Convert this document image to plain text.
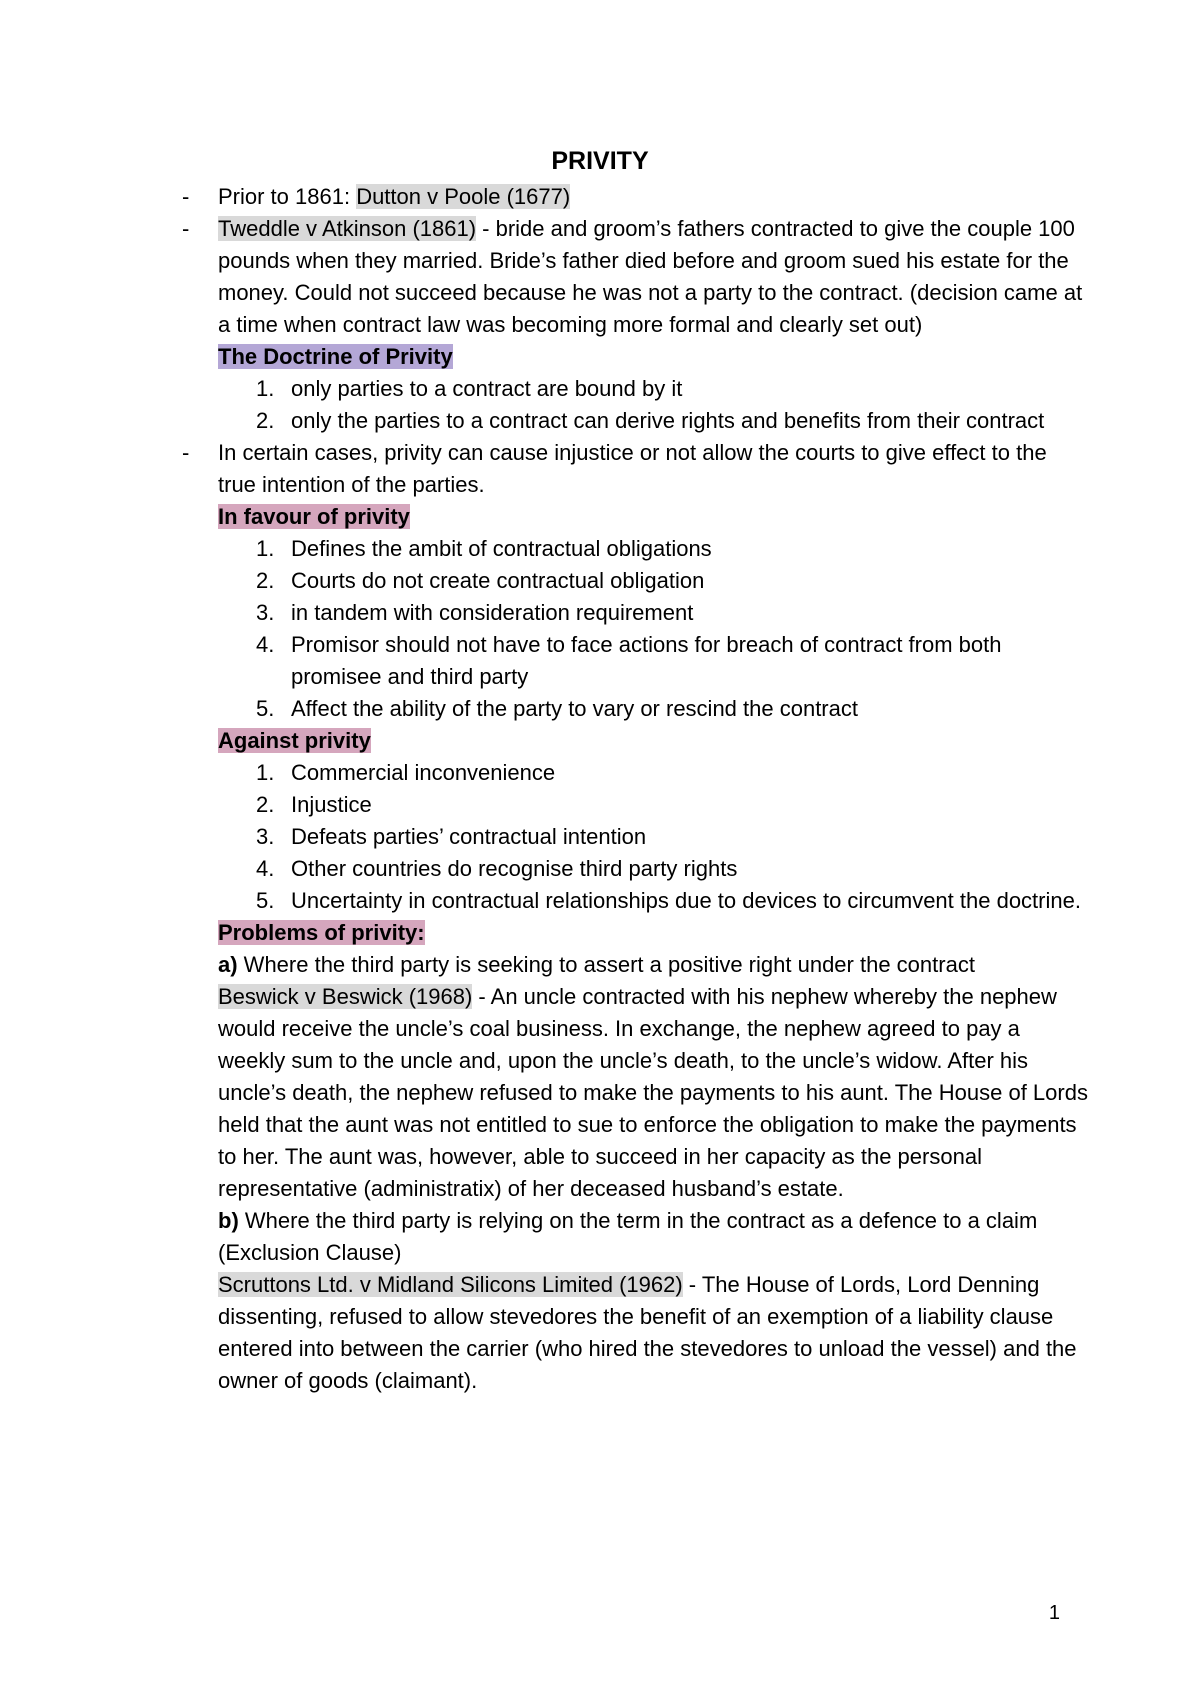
PRIVITY

- Prior to 1861: Dutton v Poole (1677)

- Tweddle v Atkinson (1861) - bride and groom’s fathers contracted to give the couple 100 pounds when they married. Bride’s father died before and groom sued his estate for the money. Could not succeed because he was not a party to the contract. (decision came at a time when contract law was becoming more formal and clearly set out)

The Doctrine of Privity

1. only parties to a contract are bound by it

2. only the parties to a contract can derive rights and benefits from their contract

- In certain cases, privity can cause injustice or not allow the courts to give effect to the true intention of the parties.

In favour of privity

1. Defines the ambit of contractual obligations

2. Courts do not create contractual obligation

3. in tandem with consideration requirement

4. Promisor should not have to face actions for breach of contract from both promisee and third party

5. Affect the ability of the party to vary or rescind the contract

Against privity

1. Commercial inconvenience

2. Injustice

3. Defeats parties’ contractual intention

4. Other countries do recognise third party rights

5. Uncertainty in contractual relationships due to devices to circumvent the doctrine.

Problems of privity:

a) Where the third party is seeking to assert a positive right under the contract

Beswick v Beswick (1968) - An uncle contracted with his nephew whereby the nephew would receive the uncle’s coal business. In exchange, the nephew agreed to pay a weekly sum to the uncle and, upon the uncle’s death, to the uncle’s widow. After his uncle’s death, the nephew refused to make the payments to his aunt. The House of Lords held that the aunt was not entitled to sue to enforce the obligation to make the payments to her. The aunt was, however, able to succeed in her capacity as the personal representative (administratix) of her deceased husband’s estate.

b) Where the third party is relying on the term in the contract as a defence to a claim (Exclusion Clause)

Scruttons Ltd. v Midland Silicons Limited (1962) - The House of Lords, Lord Denning dissenting, refused to allow stevedores the benefit of an exemption of a liability clause entered into between the carrier (who hired the stevedores to unload the vessel) and the owner of goods (claimant).

1
